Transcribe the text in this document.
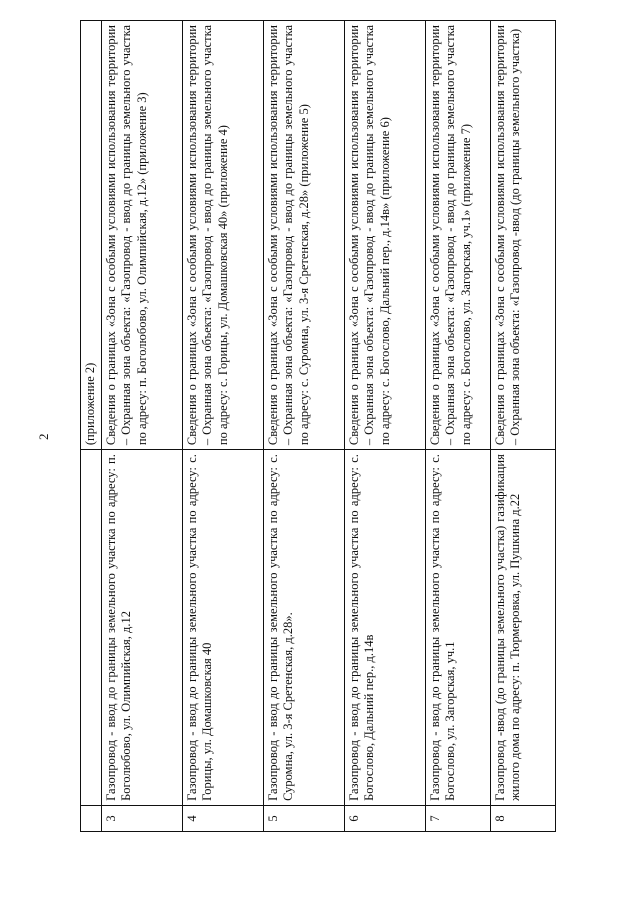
2
			(приложение 2)
3	Газопровод - ввод до границы земельного участка по адресу: п. Боголюбово, ул. Олимпийская, д.12	Сведения о границах «Зона с особыми условиями использования территории – Охранная зона объекта: «Газопровод - ввод до границы земельного участка по адресу: п. Боголюбово, ул. Олимпийская, д.12» (приложение 3)
4	Газопровод - ввод до границы земельного участка по адресу: с. Горицы, ул. Домашковская 40	Сведения о границах «Зона с особыми условиями использования территории – Охранная зона объекта: «Газопровод - ввод до границы земельного участка по адресу: с. Горицы, ул. Домашковская 40» (приложение 4)
5	Газопровод - ввод до границы земельного участка по адресу: с. Суромна, ул. 3-я Сретенская, д.28».	Сведения о границах «Зона с особыми условиями использования территории – Охранная зона объекта: «Газопровод - ввод до границы земельного участка по адресу: с. Суромна, ул. 3-я Сретенская, д.28» (приложение 5)
6	Газопровод - ввод до границы земельного участка по адресу: с. Богослово, Дальний пер., д.14в	Сведения о границах «Зона с особыми условиями использования территории – Охранная зона объекта: «Газопровод - ввод до границы земельного участка по адресу: с. Богослово, Дальний пер., д.14в» (приложение 6)
7	Газопровод - ввод до границы земельного участка по адресу: с. Богослово, ул. Загорская, уч.1	Сведения о границах «Зона с особыми условиями использования территории – Охранная зона объекта: «Газопровод - ввод до границы земельного участка по адресу: с. Богослово, ул. Загорская, уч.1» (приложение 7)
8	Газопровод -ввод (до границы земельного участка) газификация жилого дома по адресу: п. Тюрмеровка, ул. Пушкина д.22	Сведения о границах «Зона с особыми условиями использования территории – Охранная зона объекта: «Газопровод -ввод (до границы земельного участка)
